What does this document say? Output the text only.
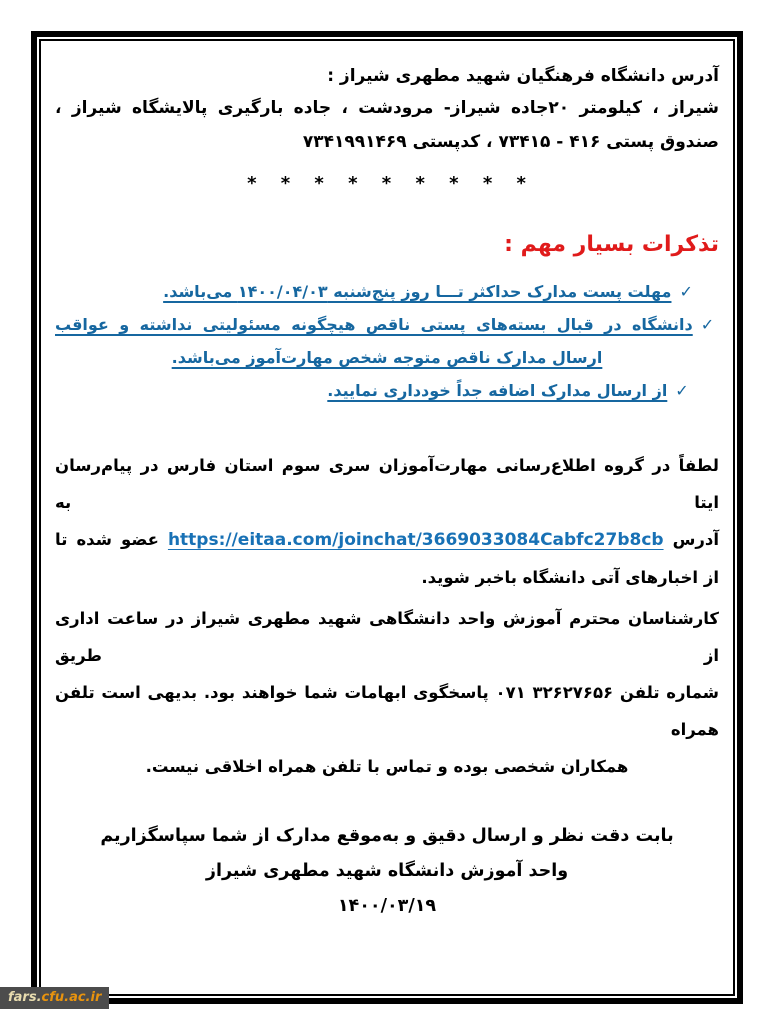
آدرس دانشگاه فرهنگیان شهید مطهری شیراز :
شیراز ، کیلومتر ۲۰جاده شیراز- مرودشت ، جاده بارگیری پالایشگاه شیراز ،
صندوق پستی ۴۱۶ - ۷۳۴۱۵ ، کدپستی ۷۳۴۱۹۹۱۴۶۹
* * * * * * * * *
تذکرات بسیار مهم :
✓مهلت پست مدارک حداکثر تـــا روز پنج‌شنبه ۱۴۰۰/۰۴/۰۳ می‌باشد.
✓دانشگاه در قبال بسته‌های پستی ناقص هیچگونه مسئولیتی نداشته و عواقب
ارسال مدارک ناقص متوجه شخص مهارت‌آموز می‌باشد.
✓از ارسال مدارک اضافه جداً خودداری نمایید.
لطفاً در گروه اطلاع‌رسانی مهارت‌آموزان سری سوم استان فارس در پیام‌رسان ایتا به
آدرس https://eitaa.com/joinchat/3669033084Cabfc27b8cb عضو شده تا
از اخبارهای آتی دانشگاه باخبر شوید.
کارشناسان محترم آموزش واحد دانشگاهی شهید مطهری شیراز در ساعت اداری از طریق
شماره تلفن ۳۲۶۲۷۶۵۶ ۰۷۱ پاسخگوی ابهامات شما خواهند بود. بدیهی است تلفن همراه
همکاران شخصی بوده و تماس با تلفن همراه اخلاقی نیست.
بابت دقت نظر و ارسال دقیق و به‌موقع مدارک از شما سپاسگزاریم
واحد آموزش دانشگاه شهید مطهری شیراز
۱۴۰۰/۰۳/۱۹
fars.cfu.ac.ir
